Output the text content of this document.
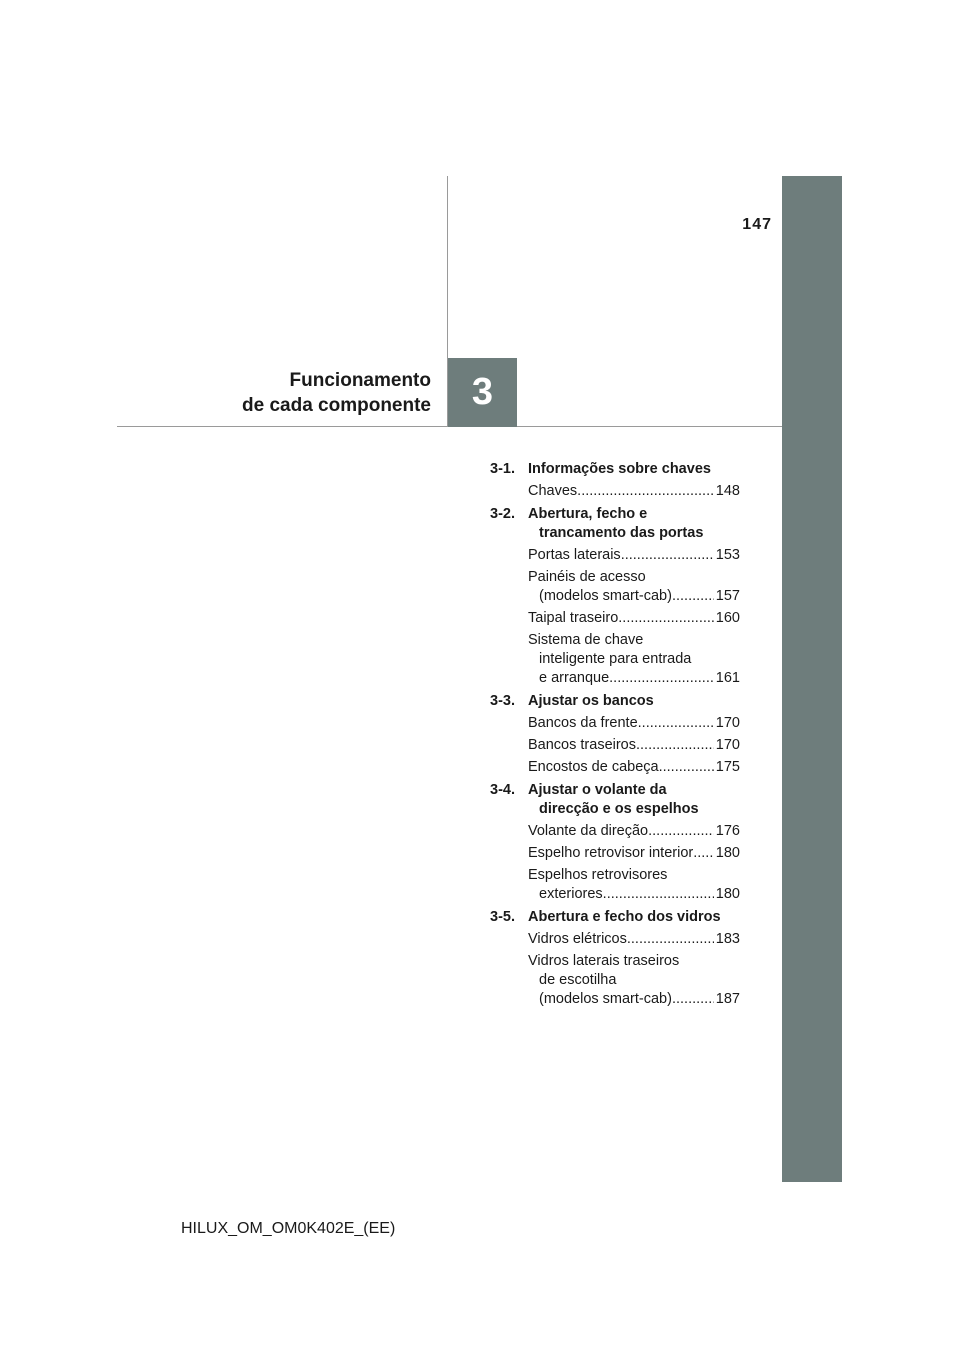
3
147
Funcionamento
de cada componente
3-1. Informações sobre chaves
Chaves .....	148
3-2. Abertura, fecho e
trancamento das portas
Portas laterais .....	153
Painéis de acesso
(modelos smart-cab) .....	157
Taipal traseiro .....	160
Sistema de chave
inteligente para entrada
e arranque .....	161
3-3. Ajustar os bancos
Bancos da frente .....	170
Bancos traseiros .....	170
Encostos de cabeça .....	175
3-4. Ajustar o volante da
direcção e os espelhos
Volante da direção .....	176
Espelho retrovisor interior ..... 180
Espelhos retrovisores
exteriores .....	180
3-5. Abertura e fecho dos vidros
Vidros elétricos .....	183
Vidros laterais traseiros
de escotilha
(modelos smart-cab) .....	187
HILUX_OM_OM0K402E_(EE)
